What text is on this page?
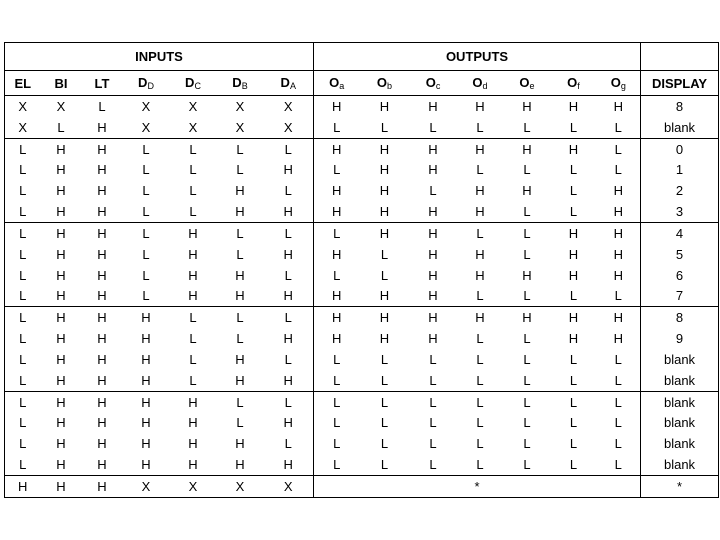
INPUTS							OUTPUTS							
EL	BI	LT	$D_D$	$D_C$	$D_B$	$D_A$	$O_a$	$O_b$	$O_c$	$O_d$	$O_e$	$O_f$	$O_g$	DISPLAY
X	X	L	X	X	X	X	H	H	H	H	H	H	H	8
X	L	H	X	X	X	X	L	L	L	L	L	L	L	blank
L	H	H	L	L	L	L	H	H	H	H	H	H	L	0
L	H	H	L	L	L	H	L	H	H	L	L	L	L	1
L	H	H	L	L	H	L	H	H	L	H	H	L	H	2
L	H	H	L	L	H	H	H	H	H	H	L	L	H	3
L	H	H	L	H	L	L	L	H	H	L	L	H	H	4
L	H	H	L	H	L	H	H	L	H	H	L	H	H	5
L	H	H	L	H	H	L	L	L	H	H	H	H	H	6
L	H	H	L	H	H	H	H	H	H	L	L	L	L	7
L	H	H	H	L	L	L	H	H	H	H	H	H	H	8
L	H	H	H	L	L	H	H	H	H	L	L	H	H	9
L	H	H	H	L	H	L	L	L	L	L	L	L	L	blank
L	H	H	H	L	H	H	L	L	L	L	L	L	L	blank
L	H	H	H	H	L	L	L	L	L	L	L	L	L	blank
L	H	H	H	H	L	H	L	L	L	L	L	L	L	blank
L	H	H	H	H	H	L	L	L	L	L	L	L	L	blank
L	H	H	H	H	H	H	L	L	L	L	L	L	L	blank
H	H	H	X	X	X	X	*							*
